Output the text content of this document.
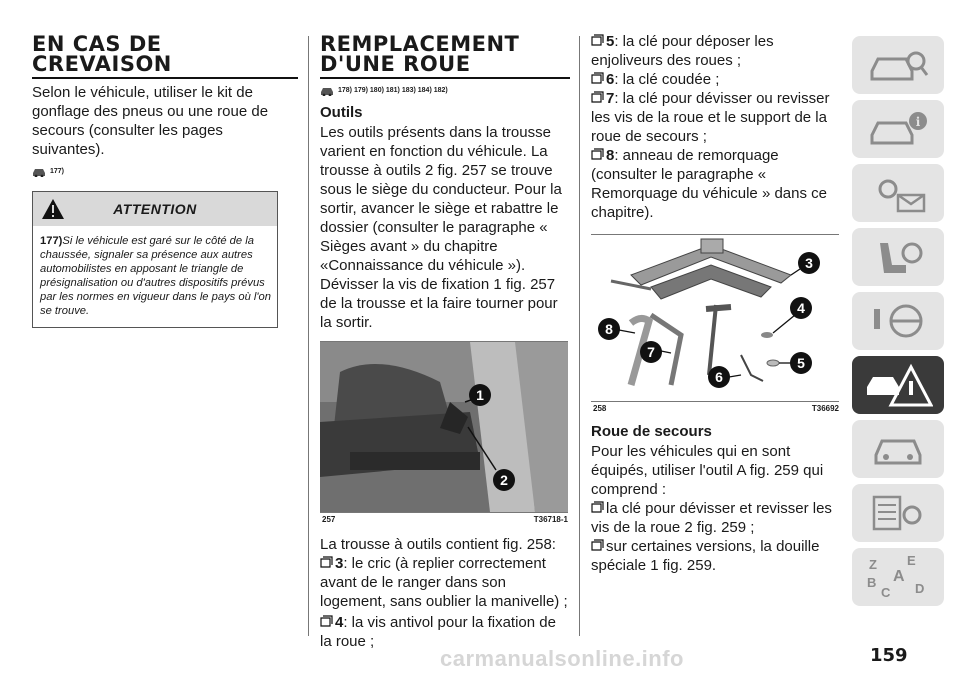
EN CAS DE
CREVAISON

Selon le véhicule, utiliser le kit de gonflage des pneus ou une roue de secours (consulter les pages suivantes).

177)
ATTENTION
177)Si le véhicule est garé sur le côté de la chaussée, signaler sa présence aux autres automobilistes en apposant le triangle de présignalisation ou d'autres dispositifs prévus par les normes en vigueur dans le pays où l'on se trouve.
REMPLACEMENT
D'UNE ROUE
178) 179) 180) 181) 183) 184) 182)

Outils

Les outils présents dans la trousse varient en fonction du véhicule. La trousse à outils 2 fig. 257 se trouve sous le siège du conducteur. Pour la sortir, avancer le siège et rabattre le dossier (consulter le paragraphe « Sièges avant » du chapitre «Connaissance du véhicule »). Dévisser la vis de fixation 1 fig. 257 de la trousse et la faire tourner pour la sortir.

1
2
257	T36718-1

La trousse à outils contient fig. 258:

3: le cric (à replier correctement avant de le ranger dans son logement, sans oublier la manivelle) ;
4: la vis antivol pour la fixation de la roue ;
5: la clé pour déposer les enjoliveurs des roues ;
6: la clé coudée ;
7: la clé pour dévisser ou revisser les vis de la roue et le support de la roue de secours ;
8: anneau de remorquage (consulter le paragraphe « Remorquage du véhicule » dans ce chapitre).
3
4
5
6
7
8
258	T36692

Roue de secours

Pour les véhicules qui en sont équipés, utiliser l'outil A fig. 259 qui comprend :

la clé pour dévisser et revisser les vis de la roue 2 fig. 259 ;
sur certaines versions, la douille spéciale 1 fig. 259.
i
Z E
A
B
C D
carmanualsonline.info	159
